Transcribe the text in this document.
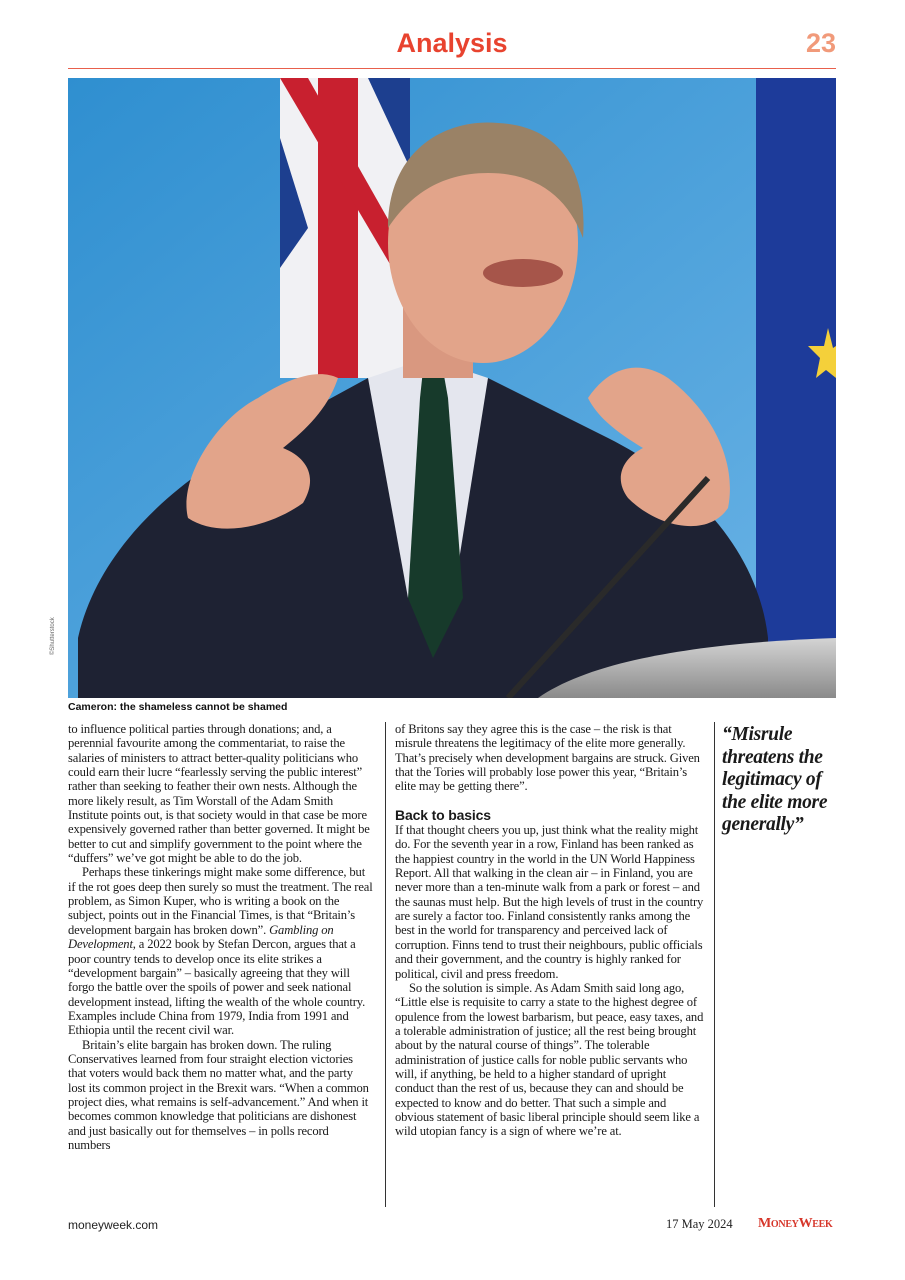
Analysis	23
©Shutterstock
Cameron: the shameless cannot be shamed

to influence political parties through donations; and, a perennial favourite among the commentariat, to raise the salaries of ministers to attract better-quality politicians who could earn their lucre “fearlessly serving the public interest” rather than seeking to feather their own nests. Although the more likely result, as Tim Worstall of the Adam Smith Institute points out, is that society would in that case be more expensively governed rather than better governed. It might be better to cut and simplify government to the point where the “duffers” we’ve got might be able to do the job.

Perhaps these tinkerings might make some difference, but if the rot goes deep then surely so must the treatment. The real problem, as Simon Kuper, who is writing a book on the subject, points out in the Financial Times, is that “Britain’s development bargain has broken down”. Gambling on Development, a 2022 book by Stefan Dercon, argues that a poor country tends to develop once its elite strikes a “development bargain” – basically agreeing that they will forgo the battle over the spoils of power and seek national development instead, lifting the wealth of the whole country. Examples include China from 1979, India from 1991 and Ethiopia until the recent civil war.

Britain’s elite bargain has broken down. The ruling Conservatives learned from four straight election victories that voters would back them no matter what, and the party lost its common project in the Brexit wars. “When a common project dies, what remains is self-advancement.” And when it becomes common knowledge that politicians are dishonest and just basically out for themselves – in polls record numbers

of Britons say they agree this is the case – the risk is that misrule threatens the legitimacy of the elite more generally. That’s precisely when development bargains are struck. Given that the Tories will probably lose power this year, “Britain’s elite may be getting there”.

Back to basics

If that thought cheers you up, just think what the reality might do. For the seventh year in a row, Finland has been ranked as the happiest country in the world in the UN World Happiness Report. All that walking in the clean air – in Finland, you are never more than a ten-minute walk from a park or forest – and the saunas must help. But the high levels of trust in the country are surely a factor too. Finland consistently ranks among the best in the world for transparency and perceived lack of corruption. Finns tend to trust their neighbours, public officials and their government, and the country is highly ranked for political, civil and press freedom.

So the solution is simple. As Adam Smith said long ago, “Little else is requisite to carry a state to the highest degree of opulence from the lowest barbarism, but peace, easy taxes, and a tolerable administration of justice; all the rest being brought about by the natural course of things”. The tolerable administration of justice calls for noble public servants who will, if anything, be held to a higher standard of upright conduct than the rest of us, because they can and should be expected to know and do better. That such a simple and obvious statement of basic liberal principle should seem like a wild utopian fancy is a sign of where we’re at.

“Misrule threatens the legitimacy of the elite more generally”
moneyweek.com	17 May 2024 MoneyWeek
